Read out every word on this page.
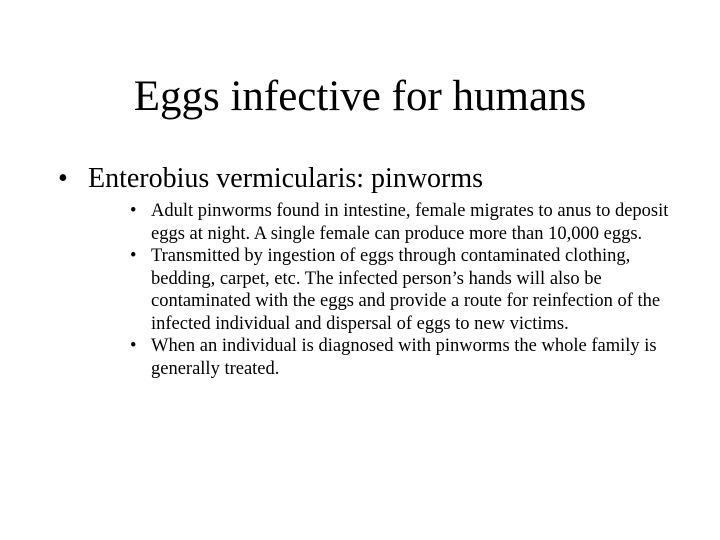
Eggs infective for humans
• Enterobius vermicularis: pinworms
• Adult pinworms found in intestine, female migrates to anus to deposit eggs at night. A single female can produce more than 10,000 eggs.
• Transmitted by ingestion of eggs through contaminated clothing, bedding, carpet, etc. The infected person’s hands will also be contaminated with the eggs and provide a route for reinfection of the infected individual and dispersal of eggs to new victims.
• When an individual is diagnosed with pinworms the whole family is generally treated.
